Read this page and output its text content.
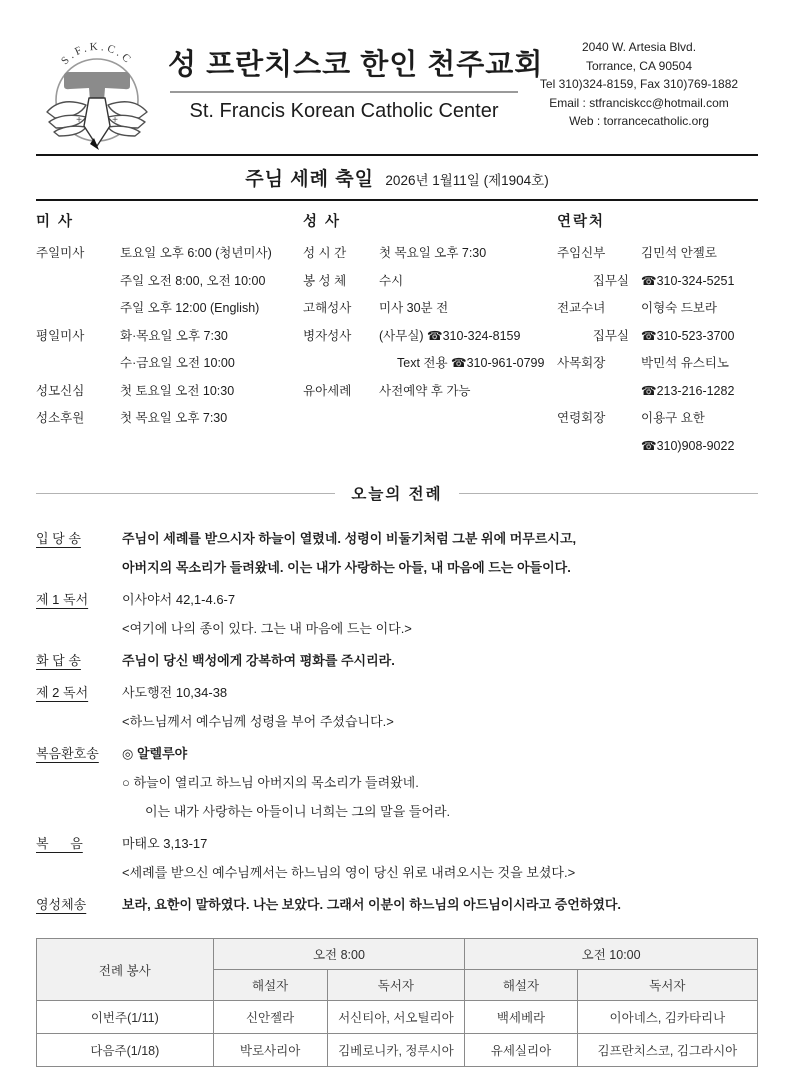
S.F.K.C.C
+	+
성 프란치스코 한인 천주교회
St. Francis Korean Catholic Center
2040 W. Artesia Blvd.
Torrance, CA 90504
Tel 310)324-8159, Fax 310)769-1882
Email : stfranciskcc@hotmail.com
Web : torrancecatholic.org
주님 세례 축일 2026년 1월11일 (제1904호)
미 사
주일미사	토요일 오후 6:00 (청년미사)
주일 오전 8:00, 오전 10:00
주일 오후 12:00 (English)
평일미사	화·목요일 오후 7:30
수·금요일 오전 10:00
성모신심	첫 토요일 오전 10:30
성소후원	첫 목요일 오후 7:30
성 사
성 시 간	첫 목요일 오후 7:30
봉 성 체	수시
고해성사	미사 30분 전
병자성사	(사무실) ☎310-324-8159
Text 전용 ☎310-961-0799
유아세례	사전예약 후 가능
연락처
주임신부	김민석 안젤로
집무실 ☎310-324-5251
전교수녀	이형숙 드보라
집무실 ☎310-523-3700
사목회장	박민석 유스티노
☎213-216-1282
연령회장	이용구 요한
☎310)908-9022
오늘의 전례
입 당 송	주님이 세례를 받으시자 하늘이 열렸네. 성령이 비둘기처럼 그분 위에 머무르시고,
아버지의 목소리가 들려왔네. 이는 내가 사랑하는 아들, 내 마음에 드는 아들이다.
제 1 독서	이사야서 42,1-4.6-7
<여기에 나의 종이 있다. 그는 내 마음에 드는 이다.>
화 답 송	주님이 당신 백성에게 강복하여 평화를 주시리라.
제 2 독서	사도행전 10,34-38
<하느님께서 예수님께 성령을 부어 주셨습니다.>
복음환호송	◎ 알렐루야
○ 하늘이 열리고 하느님 아버지의 목소리가 들려왔네.
이는 내가 사랑하는 아들이니 너희는 그의 말을 들어라.
복      음	마태오 3,13-17
<세례를 받으신 예수님께서는 하느님의 영이 당신 위로 내려오시는 것을 보셨다.>
영성체송	보라, 요한이 말하였다. 나는 보았다. 그래서 이분이 하느님의 아드님이시라고 증언하였다.
전례 봉사	오전 8:00		오전 10:00	
	해설자	독서자	해설자	독서자
이번주(1/11)	신안젤라	서신티아, 서오틸리아	백세베라	이아네스, 김카타리나
다음주(1/18)	박로사리아	김베로니카, 정루시아	유세실리아	김프란치스코, 김그라시아
